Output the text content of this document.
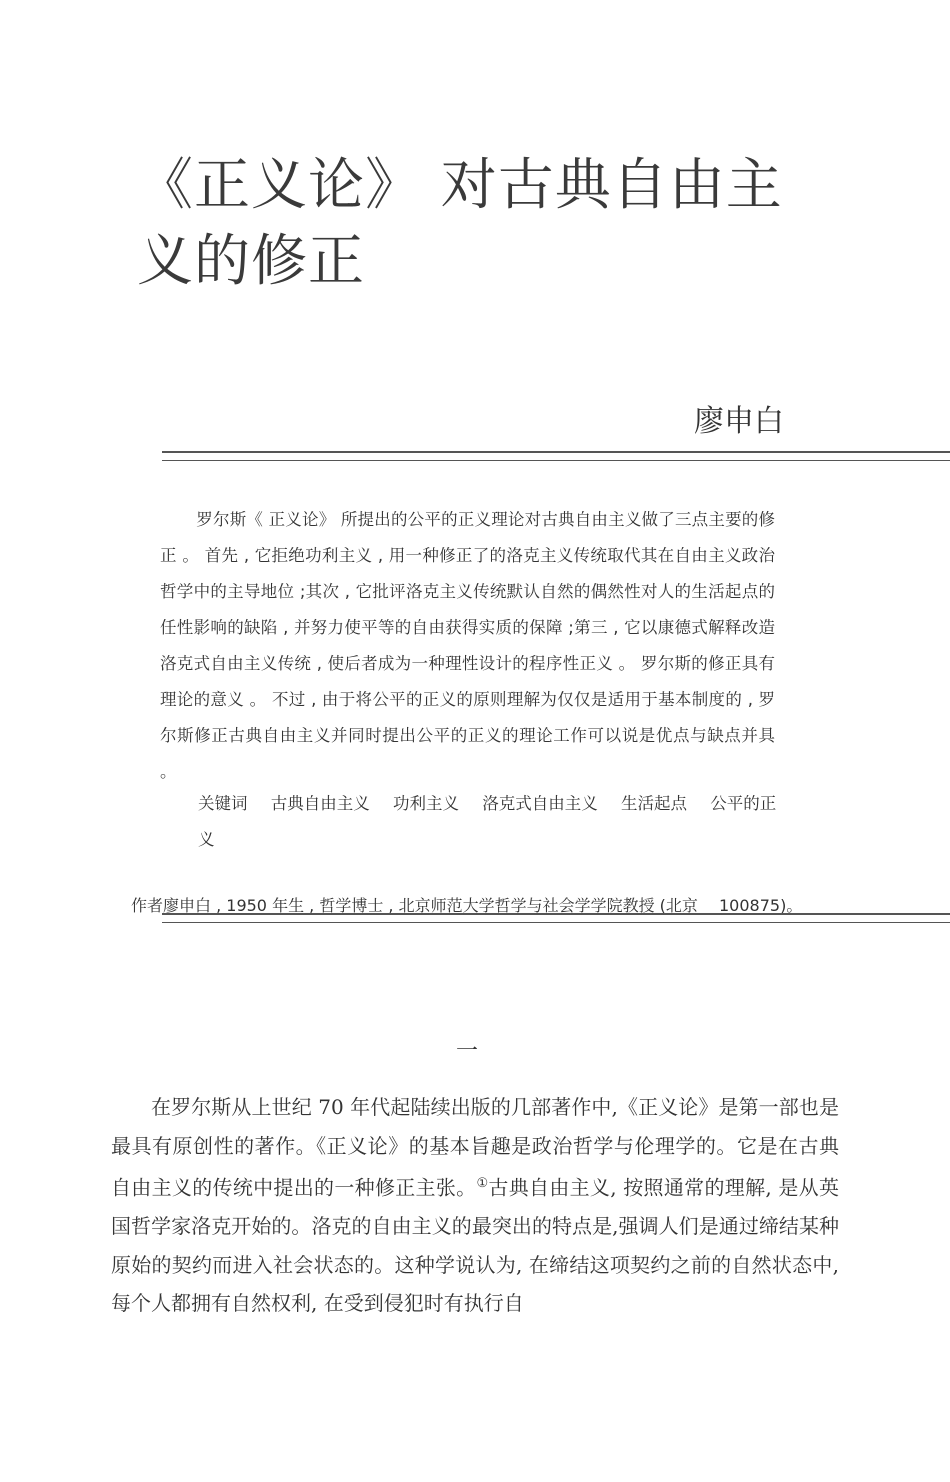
《正义论》 对古典自由主义的修正
廖申白

罗尔斯《 正义论》 所提出的公平的正义理论对古典自由主义做了三点主要的修正 。 首先 , 它拒绝功利主义 , 用一种修正了的洛克主义传统取代其在自由主义政治哲学中的主导地位 ;其次 , 它批评洛克主义传统默认自然的偶然性对人的生活起点的任性影响的缺陷 , 并努力使平等的自由获得实质的保障 ;第三 , 它以康德式解释改造洛克式自由主义传统 , 使后者成为一种理性设计的程序性正义 。 罗尔斯的修正具有理论的意义 。 不过 , 由于将公平的正义的原则理解为仅仅是适用于基本制度的 , 罗尔斯修正古典自由主义并同时提出公平的正义的理论工作可以说是优点与缺点并具 。

关键词 古典自由主义 功利主义 洛克式自由主义 生活起点 公平的正义
作者廖申白 , 1950 年生 , 哲学博士 , 北京师范大学哲学与社会学学院教授 (北京　 100875)。
一

在罗尔斯从上世纪 70 年代起陆续出版的几部著作中,《正义论》是第一部也是最具有原创性的著作。《正义论》的基本旨趣是政治哲学与伦理学的。它是在古典自由主义的传统中提出的一种修正主张。①古典自由主义, 按照通常的理解, 是从英国哲学家洛克开始的。洛克的自由主义的最突出的特点是,强调人们是通过缔结某种原始的契约而进入社会状态的。这种学说认为, 在缔结这项契约之前的自然状态中, 每个人都拥有自然权利, 在受到侵犯时有执行自
